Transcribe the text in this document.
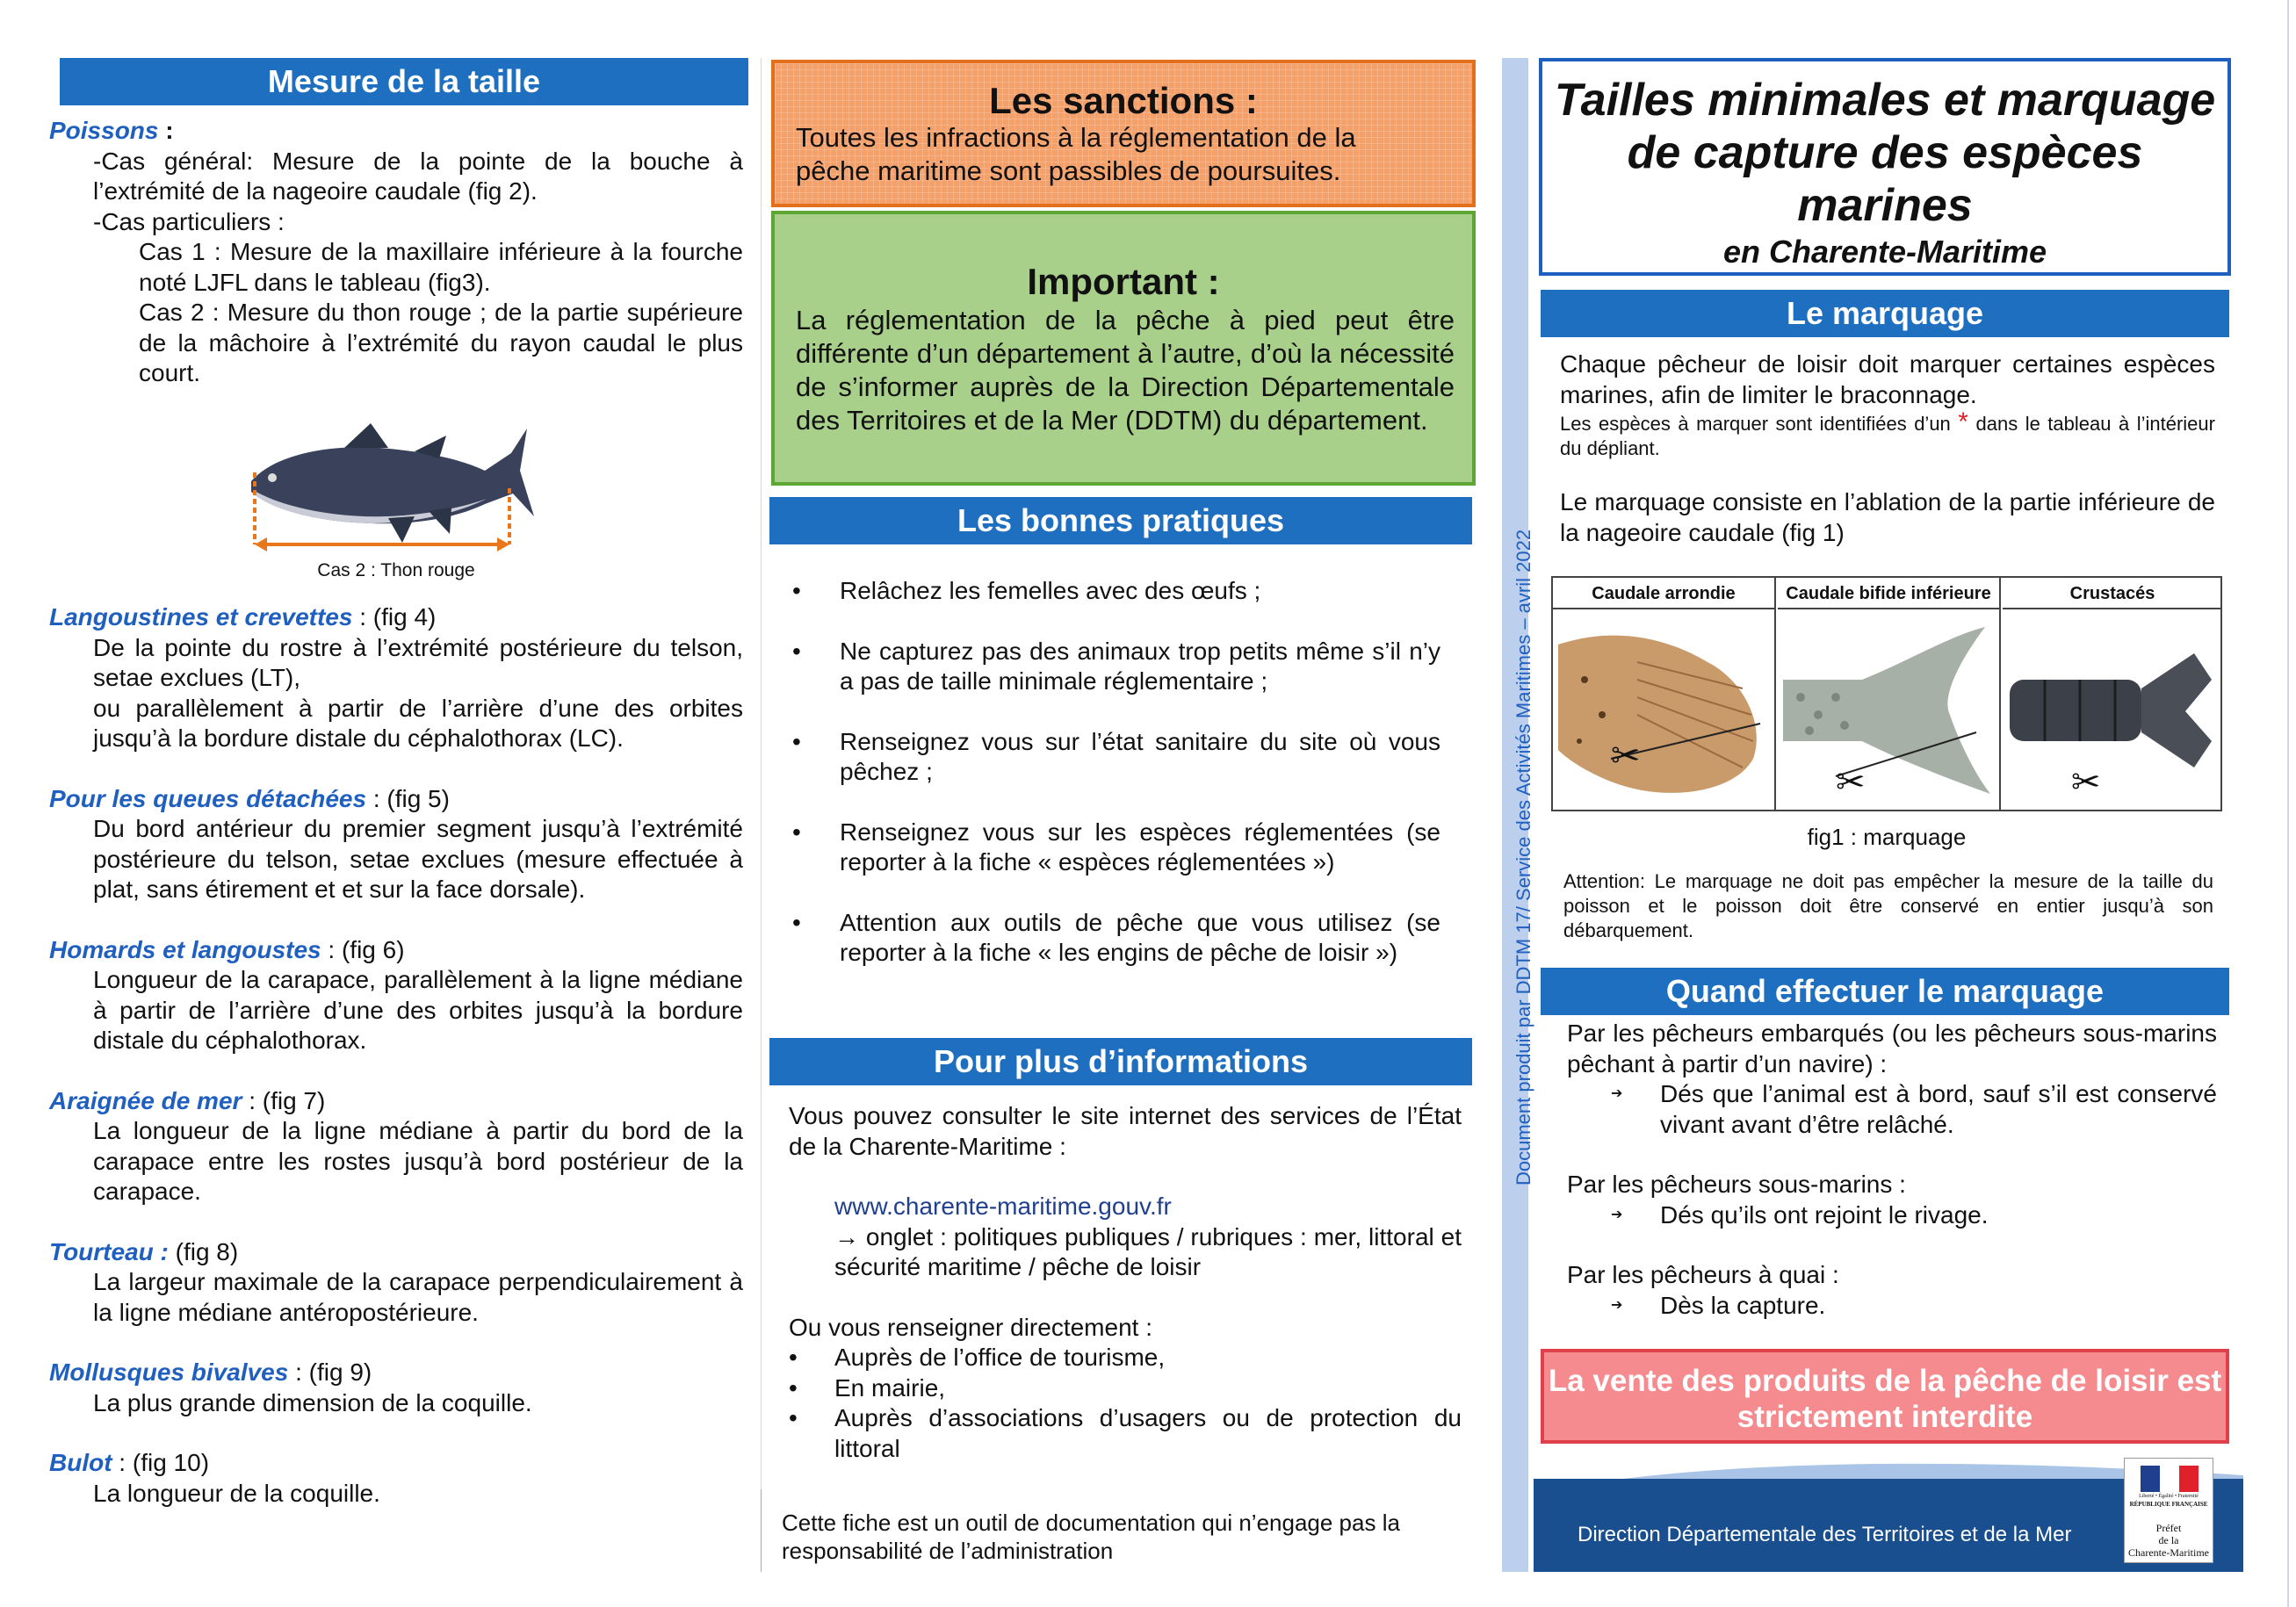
Mesure de la taille
Poissons :
-Cas général: Mesure de la pointe de la bouche à l’extrémité de la nageoire caudale (fig 2).
-Cas particuliers :
Cas 1 : Mesure de la maxillaire inférieure à la fourche noté LJFL dans le tableau (fig3).
Cas 2 : Mesure du thon rouge ; de la partie supérieure de la mâchoire à l’extrémité du rayon caudal le plus court.
Cas 2 : Thon rouge
Langoustines et crevettes : (fig 4)
De la pointe du rostre à l’extrémité postérieure du telson, setae exclues (LT),
ou parallèlement à partir de l’arrière d’une des orbites jusqu’à la bordure distale du céphalothorax (LC).
Pour les queues détachées : (fig 5)
Du bord antérieur du premier segment jusqu’à l’extrémité postérieure du telson, setae exclues (mesure effectuée à plat, sans étirement et et sur la face dorsale).
Homards et langoustes : (fig 6)
Longueur de la carapace, parallèlement à la ligne médiane à partir de l’arrière d’une des orbites jusqu’à la bordure distale du céphalothorax.
Araignée de mer : (fig 7)
La longueur de la ligne médiane à partir du bord de la carapace entre les rostes jusqu’à bord postérieur de la carapace.
Tourteau : (fig 8)
La largeur maximale de la carapace perpendiculairement à la ligne médiane antéropostérieure.
Mollusques bivalves : (fig 9)
La plus grande dimension de la coquille.
Bulot : (fig 10)
La longueur de la coquille.
Les sanctions :
Toutes les infractions à la réglementation de la pêche maritime sont passibles de poursuites.
Important :
La réglementation de la pêche à pied peut être différente d’un département à l’autre, d’où la nécessité de s’informer auprès de la Direction Départementale des Territoires et de la Mer (DDTM) du département.
Les bonnes pratiques
• Relâchez les femelles avec des œufs ;
• Ne capturez pas des animaux trop petits même s’il n’y a pas de taille minimale réglementaire ;
• Renseignez vous sur l’état sanitaire du site où vous pêchez ;
• Renseignez vous sur les espèces réglementées (se reporter à la fiche « espèces réglementées »)
• Attention aux outils de pêche que vous utilisez (se reporter à la fiche « les engins de pêche de loisir »)
Pour plus d’informations
Vous pouvez consulter le site internet des services de l’État de la Charente-Maritime :
www.charente-maritime.gouv.fr
→ onglet : politiques publiques / rubriques : mer, littoral et sécurité maritime / pêche de loisir
Ou vous renseigner directement :
• Auprès de l’office de tourisme,
• En mairie,
• Auprès d’associations d’usagers ou de protection du littoral
Cette fiche est un outil de documentation qui n’engage pas la responsabilité de l’administration
Document produit par DDTM 17/ Service des Activités Maritimes – avril 2022
Tailles minimales et marquage
de capture des espèces marines
en Charente-Maritime
Le marquage
Chaque pêcheur de loisir doit marquer certaines espèces marines, afin de limiter le braconnage.
Les espèces à marquer sont identifiées d’un * dans le tableau à l’intérieur du dépliant.
Le marquage consiste en l’ablation de la partie inférieure de la nageoire caudale (fig 1)
Caudale arrondie
✂
Caudale bifide inférieure
✂
Crustacés
✂
fig1 : marquage
Attention: Le marquage ne doit pas empêcher la mesure de la taille du poisson et le poisson doit être conservé en entier jusqu’à son débarquement.
Quand effectuer le marquage
Par les pêcheurs embarqués (ou les pêcheurs sous-marins pêchant à partir d’un navire) :
➔ Dés que l’animal est à bord, sauf s’il est conservé vivant avant d’être relâché.
Par les pêcheurs sous-marins :
➔ Dés qu’ils ont rejoint le rivage.
Par les pêcheurs à quai :
➔ Dès la capture.
La vente des produits de la pêche de loisir est strictement interdite
Direction Départementale des Territoires et de la Mer
Liberté • Égalité • Fraternité
RÉPUBLIQUE FRANÇAISE
Préfet
de la
Charente-Maritime
